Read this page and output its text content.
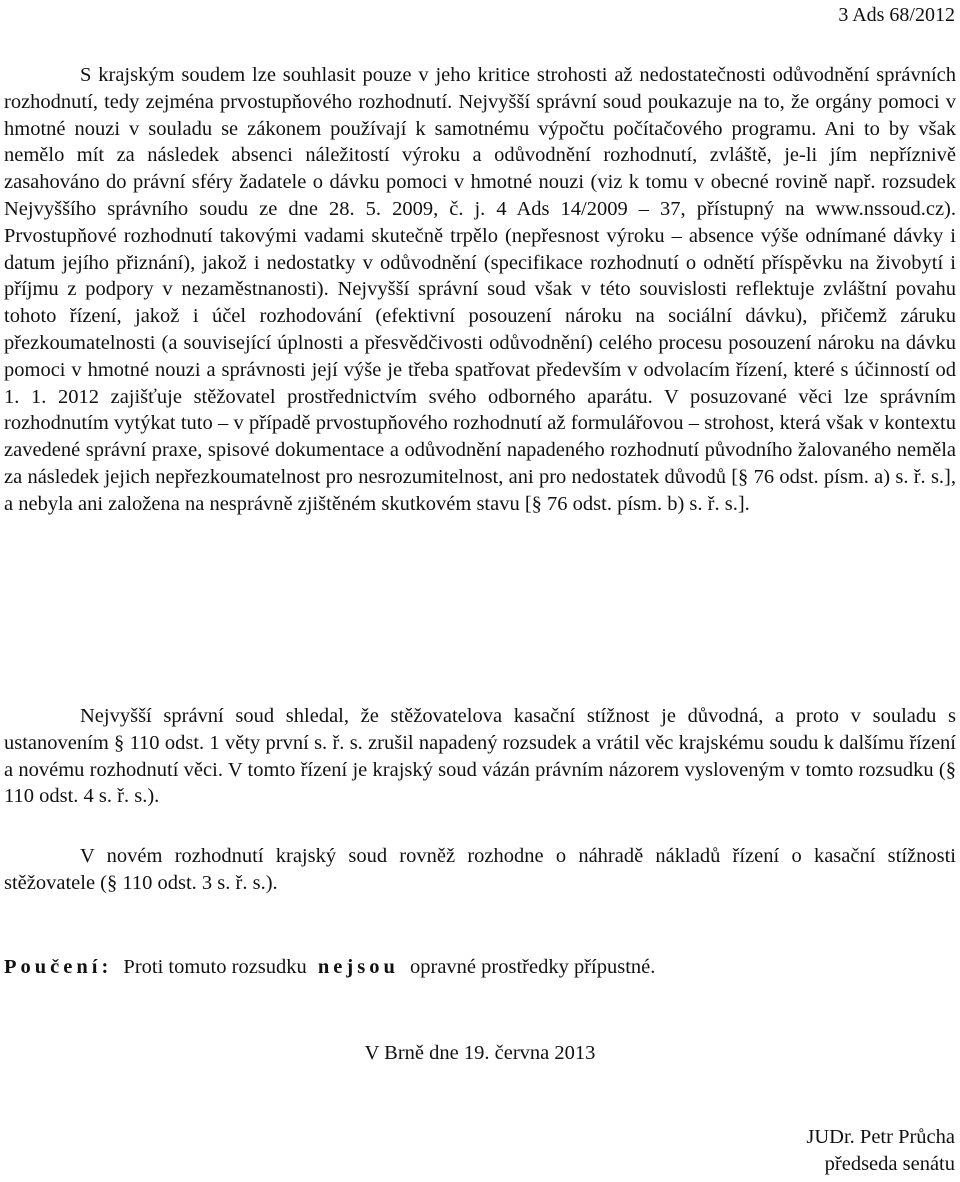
3 Ads 68/2012

S krajským soudem lze souhlasit pouze v jeho kritice strohosti až nedostatečnosti odůvodnění správních rozhodnutí, tedy zejména prvostupňového rozhodnutí. Nejvyšší správní soud poukazuje na to, že orgány pomoci v hmotné nouzi v souladu se zákonem používají k samotnému výpočtu počítačového programu. Ani to by však nemělo mít za následek absenci náležitostí výroku a odůvodnění rozhodnutí, zvláště, je-li jím nepříznivě zasahováno do právní sféry žadatele o dávku pomoci v hmotné nouzi (viz k tomu v obecné rovině např. rozsudek Nejvyššího správního soudu ze dne 28. 5. 2009, č. j. 4 Ads 14/2009 – 37, přístupný na www.nssoud.cz). Prvostupňové rozhodnutí takovými vadami skutečně trpělo (nepřesnost výroku – absence výše odnímané dávky i datum jejího přiznání), jakož i nedostatky v odůvodnění (specifikace rozhodnutí o odnětí příspěvku na živobytí i příjmu z podpory v nezaměstnanosti). Nejvyšší správní soud však v této souvislosti reflektuje zvláštní povahu tohoto řízení, jakož i účel rozhodování (efektivní posouzení nároku na sociální dávku), přičemž záruku přezkoumatelnosti (a související úplnosti a přesvědčivosti odůvodnění) celého procesu posouzení nároku na dávku pomoci v hmotné nouzi a správnosti její výše je třeba spatřovat především v odvolacím řízení, které s účinností od 1. 1. 2012 zajišťuje stěžovatel prostřednictvím svého odborného aparátu. V posuzované věci lze správním rozhodnutím vytýkat tuto – v případě prvostupňového rozhodnutí až formulářovou – strohost, která však v kontextu zavedené správní praxe, spisové dokumentace a odůvodnění napadeného rozhodnutí původního žalovaného neměla za následek jejich nepřezkoumatelnost pro nesrozumitelnost, ani pro nedostatek důvodů [§ 76 odst. písm. a) s. ř. s.], a nebyla ani založena na nesprávně zjištěném skutkovém stavu [§ 76 odst. písm. b) s. ř. s.].

Nejvyšší správní soud shledal, že stěžovatelova kasační stížnost je důvodná, a proto v souladu s ustanovením § 110 odst. 1 věty první s. ř. s. zrušil napadený rozsudek a vrátil věc krajskému soudu k dalšímu řízení a novému rozhodnutí věci. V tomto řízení je krajský soud vázán právním názorem vysloveným v tomto rozsudku (§ 110 odst. 4 s. ř. s.).

V novém rozhodnutí krajský soud rovněž rozhodne o náhradě nákladů řízení o kasační stížnosti stěžovatele (§ 110 odst. 3 s. ř. s.).

Poučení: Proti tomuto rozsudku nejsou opravné prostředky přípustné.
V Brně dne 19. června 2013
JUDr. Petr Průcha
předseda senátu
